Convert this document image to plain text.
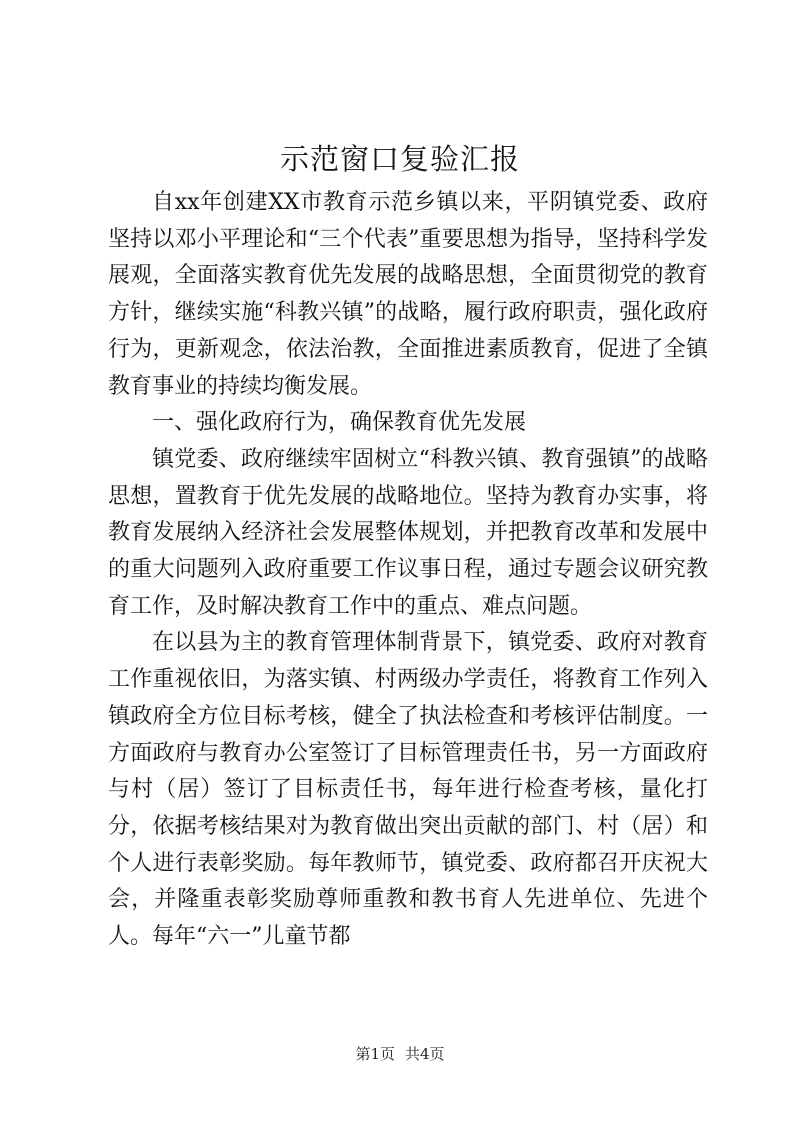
示范窗口复验汇报

自xx年创建XX市教育示范乡镇以来，平阴镇党委、政府坚持以邓小平理论和“三个代表”重要思想为指导，坚持科学发展观，全面落实教育优先发展的战略思想，全面贯彻党的教育方针，继续实施“科教兴镇”的战略，履行政府职责，强化政府行为，更新观念，依法治教，全面推进素质教育，促进了全镇教育事业的持续均衡发展。

一、强化政府行为，确保教育优先发展

镇党委、政府继续牢固树立“科教兴镇、教育强镇”的战略思想，置教育于优先发展的战略地位。坚持为教育办实事，将教育发展纳入经济社会发展整体规划，并把教育改革和发展中的重大问题列入政府重要工作议事日程，通过专题会议研究教育工作，及时解决教育工作中的重点、难点问题。

在以县为主的教育管理体制背景下，镇党委、政府对教育工作重视依旧，为落实镇、村两级办学责任，将教育工作列入镇政府全方位目标考核，健全了执法检查和考核评估制度。一方面政府与教育办公室签订了目标管理责任书，另一方面政府与村（居）签订了目标责任书，每年进行检查考核，量化打分，依据考核结果对为教育做出突出贡献的部门、村（居）和个人进行表彰奖励。每年教师节，镇党委、政府都召开庆祝大会，并隆重表彰奖励尊师重教和教书育人先进单位、先进个人。每年“六一”儿童节都

第1页 共4页
